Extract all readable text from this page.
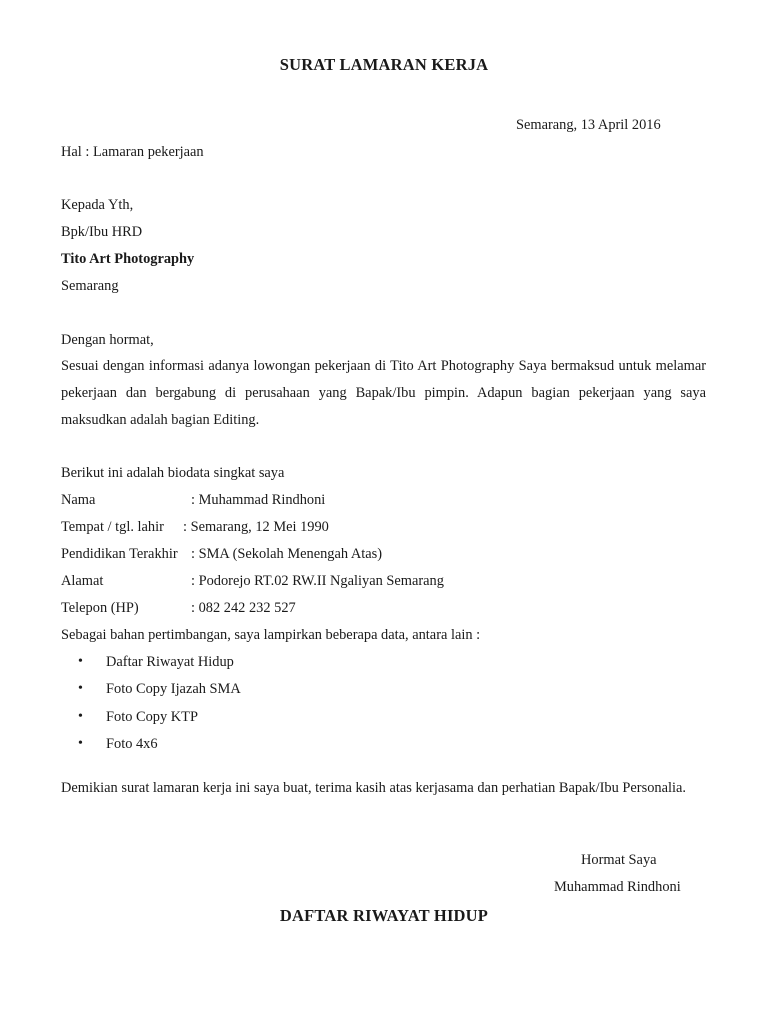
SURAT LAMARAN KERJA
Semarang, 13 April 2016
Hal : Lamaran pekerjaan
Kepada Yth,
Bpk/Ibu HRD
Tito Art Photography
Semarang
Dengan hormat,
Sesuai dengan informasi adanya lowongan pekerjaan di Tito Art Photography Saya bermaksud untuk melamar pekerjaan dan bergabung di perusahaan yang Bapak/Ibu pimpin. Adapun bagian pekerjaan yang saya maksudkan adalah bagian Editing.
Berikut ini adalah biodata singkat saya
Nama	: Muhammad Rindhoni
Tempat / tgl. lahir : Semarang, 12 Mei 1990
Pendidikan Terakhir : SMA (Sekolah Menengah Atas)
Alamat	: Podorejo RT.02 RW.II Ngaliyan Semarang
Telepon (HP)	: 082 242 232 527
Sebagai bahan pertimbangan, saya lampirkan beberapa data, antara lain :
• Daftar Riwayat Hidup
• Foto Copy Ijazah SMA
• Foto Copy KTP
• Foto 4x6
Demikian surat lamaran kerja ini saya buat, terima kasih atas kerjasama dan perhatian Bapak/Ibu Personalia.
Hormat Saya
Muhammad Rindhoni
DAFTAR RIWAYAT HIDUP
